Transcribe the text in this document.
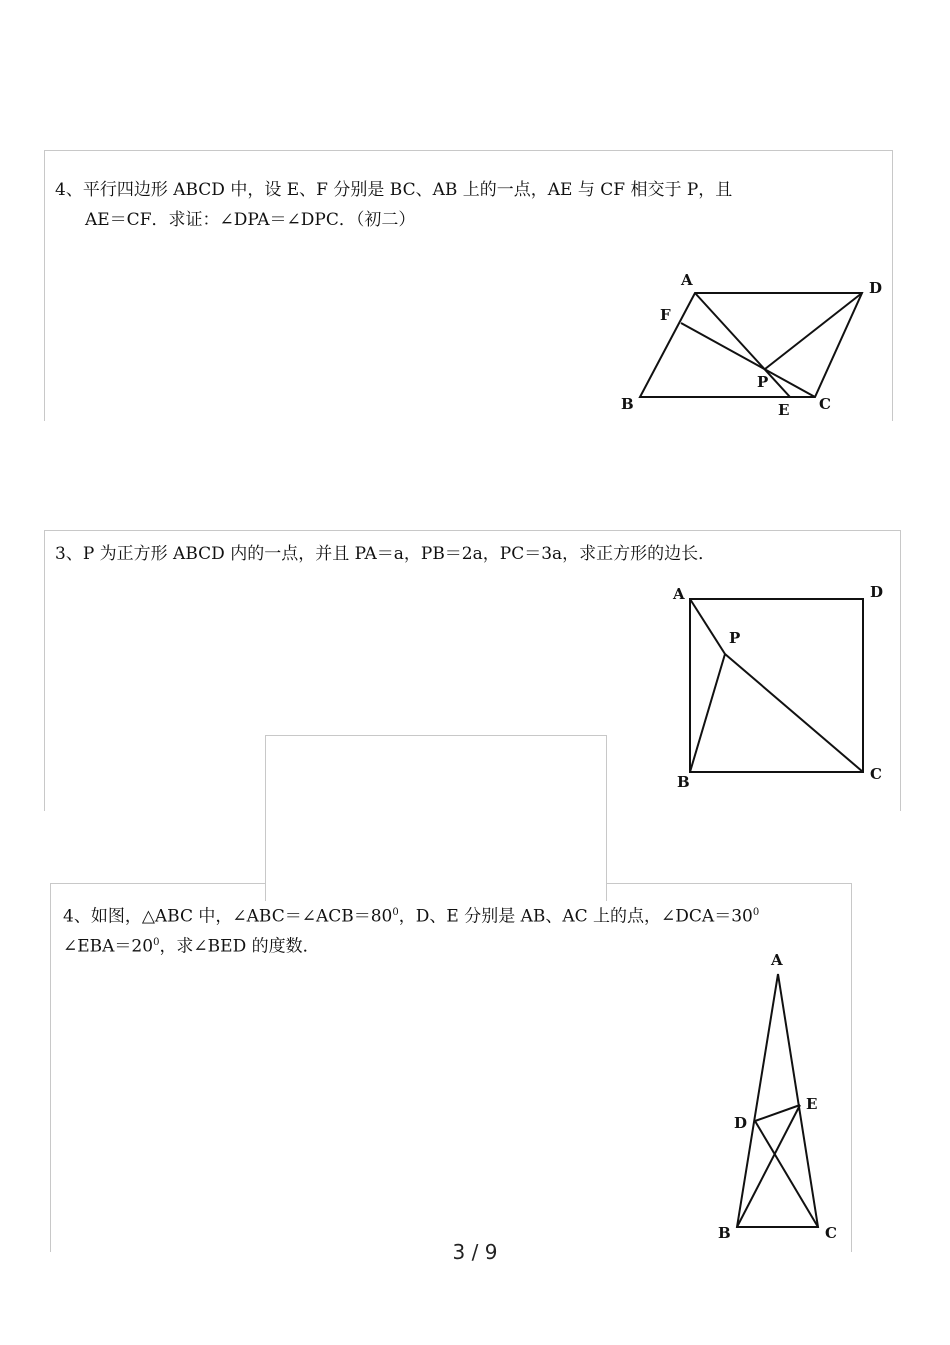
4、平行四边形 ABCD 中，设 E、F 分别是 BC、AB 上的一点，AE 与 CF 相交于 P，且
AE＝CF．求证：∠DPA＝∠DPC．（初二）
A	D
F
P
B	E C
3、P 为正方形 ABCD 内的一点，并且 PA＝a，PB＝2a，PC＝3a，求正方形的边长．
A	D
P
B	C
4、如图，△ABC 中，$\angle ABC=\angle ACB=80^0$，D、E 分别是 AB、AC 上的点，$\angle DCA=30^0$
$\angle EBA=20^0$，求∠BED 的度数．
A
D
E
B	C
3 / 9
